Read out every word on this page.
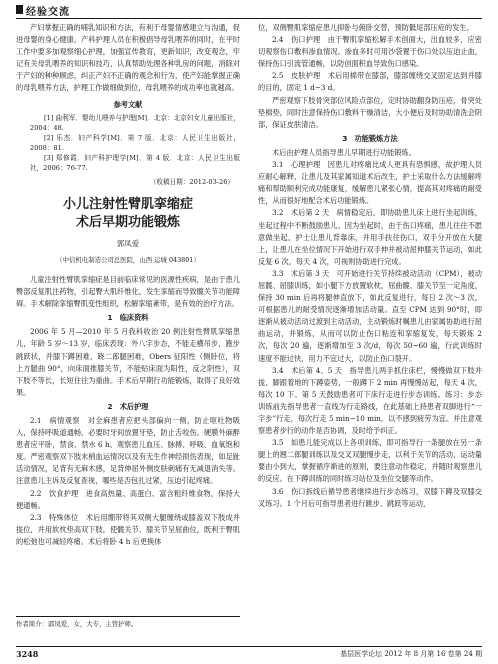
经验交流

产妇掌握正确的哺乳知识和方法，有利于母婴情感建立与沟通，促进母婴的身心健康。产科护理人员在积极倡导母乳喂养的同时，在平时工作中要多加观察细心护理，加强宣传教育，更新知识，改变观念，牢记有关母乳喂养的知识和技巧，认真帮助处理各种乳房的问题，消除对于产妇的种种顾虑，纠正产妇不正确的观念和行为，使产妇能掌握正确的母乳喂养方法，护理工作做细做到位，母乳喂养的成功率也就越高。

参考文献

[1] 曲利军．婴幼儿喂养与护理[M]．北京：北京妇女儿童出版社，2004：48.

[2] 乐杰．妇产科学[M]．第 7 版．北京：人民卫生出版社，2008：81.

[3] 郑修霞．妇产科护理学[M]．第 4 版．北京：人民卫生出版社，2006：76-77.

（收稿日期：2012-03-26）
小儿注射性臂肌挛缩症
术后早期功能锻炼
郭凤爱
（中信机电制造公司总医院，山西 运城 043801）

儿童注射性臂肌挛缩症是目前临床常见的医源性疾病，是由于患儿臀部反复肌注药物，引起臀大肌纤维化，发生挛缩而导致髋关节功能障碍。手术解除挛缩臀肌变性组织，松解挛缩紊带，是有效的治疗方法。

1　临床资料

2006 年 5 月—2010 年 5 月我科收治 20 例注射性臂肌挛缩患儿，年龄 5 岁～13 岁，临床表现：外八字步态，不能走横吊步，跑步跳跃状，并膝下蹲困难，跷二郎腿困难，Obers 征阳性（侧卧位，将上方腿曲 90°，向床面推膝关节，不能贴床面为阳性，反之阴性），双下肢不等长，长短住往为重曲。手术后早期行功能锻炼，取得了良好效果。

2　术后护理

2.1　病情观察　对全麻患者应把头部偏向一侧，防止呕吐物吸入，保持呼吸道通畅，必要时牙间放置牙垫，防止舌咬伤。硬膜外麻醉患者应平卧，禁食、禁水 6 h。观察患儿血压、脉搏、呼吸、血氧饱和度。严密观察双下肢末梢血运情况以及有无生作神经损伤表现，如足趾活动情况，足背有无麻木感，足背伸屈外侧皮肤刺痛有无减退消失等。注意患儿主诉及反复查视，哪些是否包扎过紧，压迫引起疼痛。

2.2　饮食护理　进食高热量、高蛋白、富含粗纤维食物，保持大便通畅。

2.3　特殊体位　术后用绷带将其双侧大腿缠绕或膝盖双下肢成并拢位，并用软枕垫高双下肢，使髋关节、膝关节呈屈曲位，既利于臀肌的松弛也可减轻疼痛。术后将卧 4 h 后更换体

作者简介：郭凤爱，女，大专，主管护师。

位，双侧臀肌挛缩症患儿抑卧与俯卧交替，预防骶尾部压疮的发生。

2.4　伤口护理　由于臀肌挛缩松解手术创面大，出血较多，应密切观察伤口敷料渗血情况。渗血多时可用沙袋置于伤口处以压迫止血，保持伤口引流管通畅，以防创面积血导致伤口感染。

2.5　皮肤护理　术后用棉带在膝部，膝部缠绕交叉固定达到并膝的目的，固定 1 d~3 d。

严密观察下肢骨突部位风险点部位，定时协助翻身防压疮，骨突处垫棉垫，同时注意保持伤口敷料干燥清洁，大小便后及时协助清洗会阴部，保证皮肤清洁。

3　功能锻炼方法

术后由护理人员指导患儿早期进行功能锻炼。

3.1　心理护理　因患儿对疼痛比成人更具有恐惧感，故护理人员应耐心解释，让患儿及其家属知道术后改生，护士采取什么方法缓解疼痛和帮助顺利完成功能康复，缓解患儿紧张心情，提高其对疼痛的耐受性，从而很好地配合术后功能锻炼。

3.2　术后第 2 天　病情稳定后，即协助患儿床上进行坐起训练，坐起过程中不断鼓励患儿。因为坐起时，由于伤口疼痛，患儿往往不愿意做坐起，护士让患儿背靠床，并用手扶住伤口，双手分开放在大腿上，让患儿在坐位情况下开始进行双手伸并被动屈伸膝关节运动，如此反复 6 次，每天 4 次，可视则协助进行完成。

3.3　术后第 3 天　可开始进行关节持续被动活动（CPM），被动屈髋、屈膝训练，如小腿下方放置软枕，屈曲髋、膝关节至一定角度，保持 30 min 后再将腿伸直放下，如此反复进行，每日 2 次～3 次，可根据患儿的耐受情况逐渐增加活动量。直至 CPM 达到 90°时，即逐渐从被动活动过渡到主动活动，主动锻炼时嘱患儿由家属协助进行屈曲运动，并锻炼，从而可以防止伤口粘连和挛缩复发，每天锻炼 2 次，每次 20 遍，逐渐增加至 3 次/d，每次 50~60 遍，行此训练时速度不能过快，用力不宜过大，以防止伤口裂开。

3.4　术后第 4、5 天　指导患儿两手抓住床栏，慢慢做双下肢并拢、脚跟着地的下蹲姿势，一般蹲下 2 min 再慢慢站起，每天 4 次，每次 10 下。第 5 天鼓励患者可下床行走进行步态训练。练习：步态训练前先指导患者一直线为行走路线，在此基础上持患者双脚进行“一字步”行走，每次行走 5 min~10 min，以不感到疲劳为宜。并注意观察患者步行的动作是否协调，及时给予纠正。

3.5　如患儿能完成以上各项训练，即可指导行一条腿放在另一条腿上的翘二郎腿训练以及交叉双腿慢步走，以利于关节的活动，运动量要由小到大，掌握循序渐进的原则，要注意动作稳定，并随时观察患儿的反应。在下蹲训练的同时练习站位及坐位交腿等动作。

3.6　伤口拆线后循导患者继续进行步态练习，双膝下蹲及双膝交叉练习。1 个月后可指导患者进行跳步、跳跃等运动，

3248	基层医学论坛 2012 年 8 月第 16 卷第 24 期
